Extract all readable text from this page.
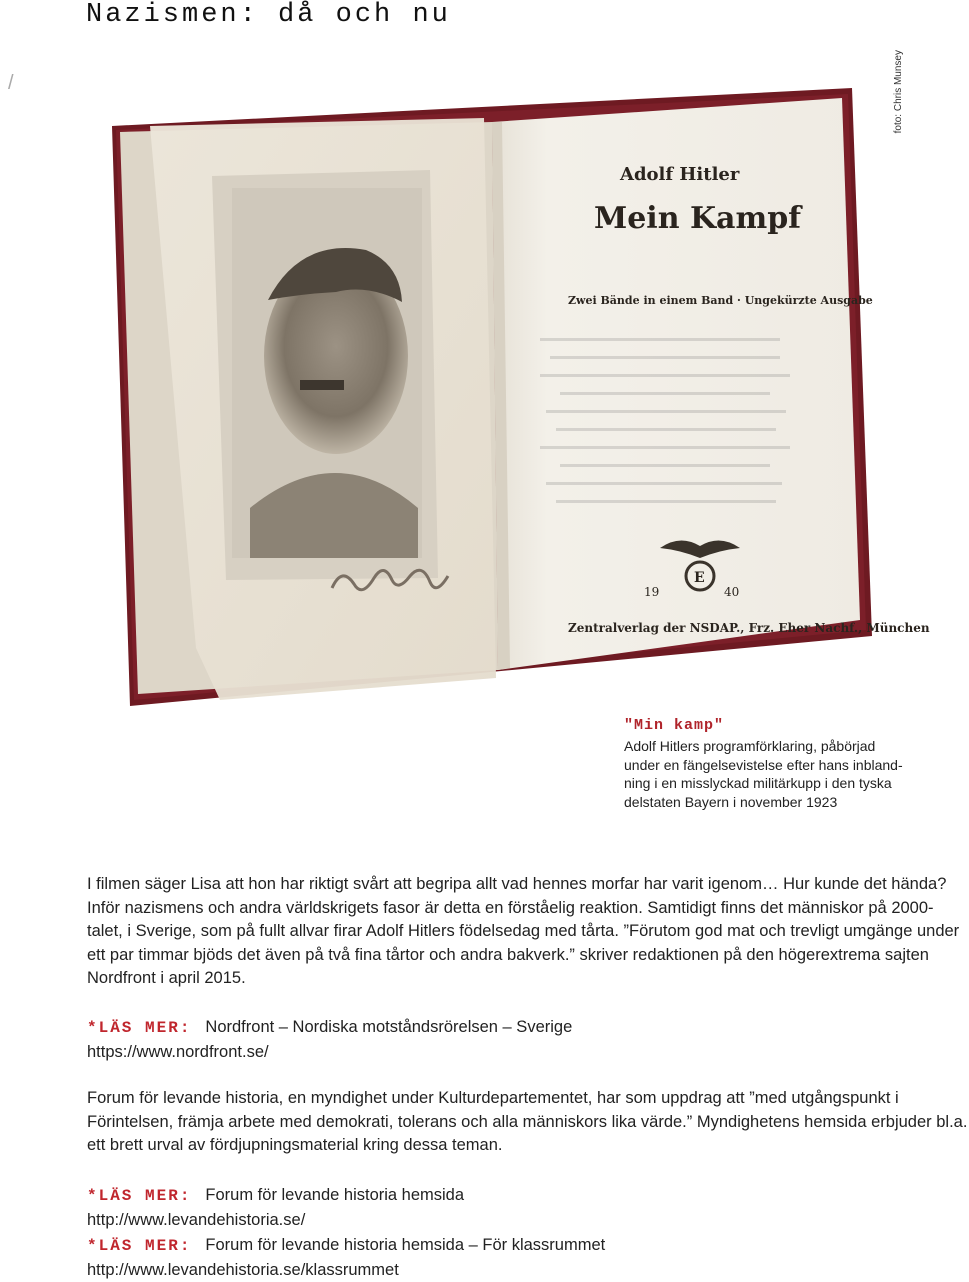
Nazismen: då och nu
/	foto: Chris Munsey
Adolf Hitler
Mein Kampf
Zwei Bände in einem Band · Ungekürzte Ausgabe
E
19	40
Zentralverlag der NSDAP., Frz. Eher Nachf., München
"Min kamp"
Adolf Hitlers programförklaring, påbörjad
under en fängelsevistelse efter hans inbland-
ning i en misslyckad militärkupp i den tyska
delstaten Bayern i november 1923

I filmen säger Lisa att hon har riktigt svårt att begripa allt vad hennes morfar har varit igenom… Hur kunde det hända? Inför nazismens och andra världskrigets fasor är detta en förståelig reaktion. Samtidigt finns det människor på 2000-talet, i Sverige, som på fullt allvar firar Adolf Hitlers födelsedag med tårta. ”Förutom god mat och trevligt umgänge under ett par timmar bjöds det även på två fina tårtor och andra bakverk.” skriver redaktionen på den högerextrema sajten Nordfront i april 2015.

*LÄS MER: Nordfront – Nordiska motståndsrörelsen – Sverige
https://www.nordfront.se/

Forum för levande historia, en myndighet under Kulturdepartementet, har som uppdrag att ”med utgångspunkt i Förintelsen, främja arbete med demokrati, tolerans och alla människors lika värde.” Myndighetens hemsida erbjuder bl.a. ett brett urval av fördjupningsmaterial kring dessa teman.

*LÄS MER: Forum för levande historia hemsida
http://www.levandehistoria.se/
*LÄS MER: Forum för levande historia hemsida – För klassrummet
http://www.levandehistoria.se/klassrummet
